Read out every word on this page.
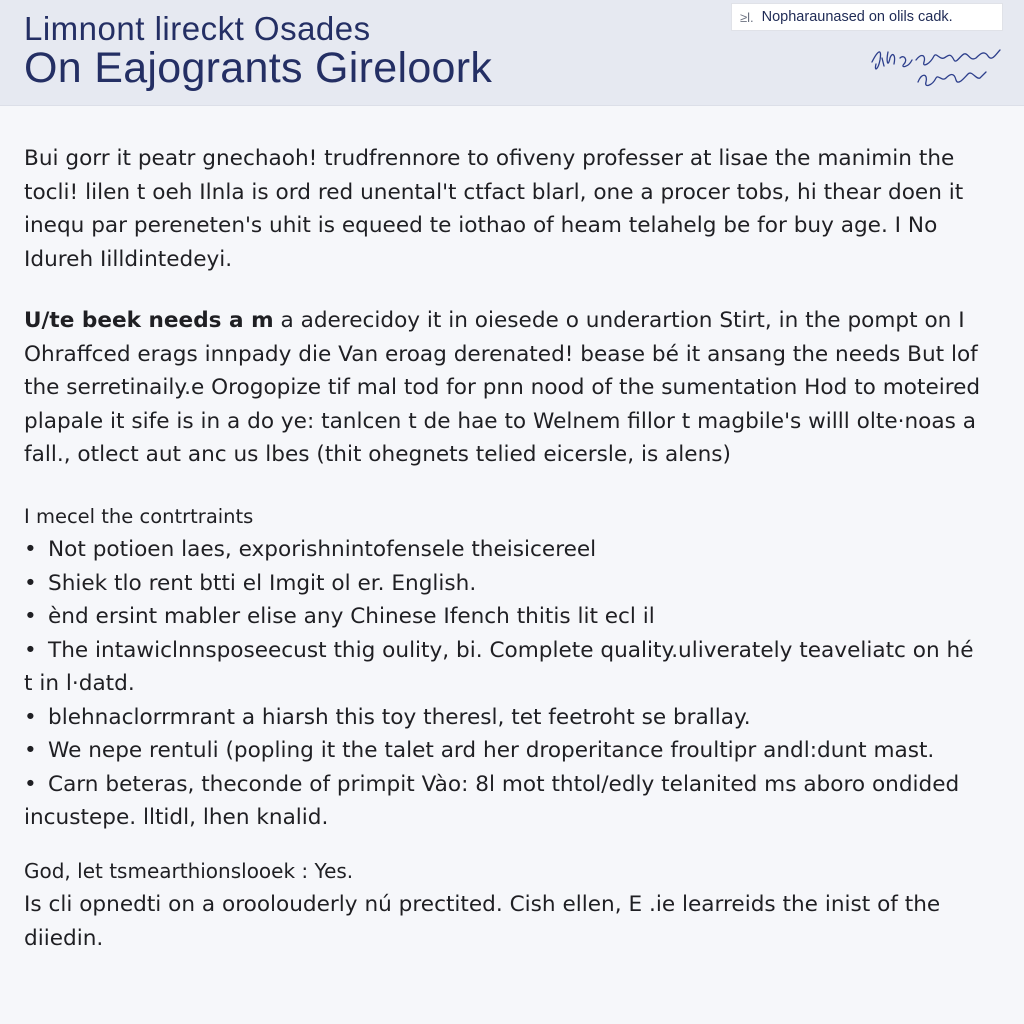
Limnont lireckt Osades
On Eajogrants Gireloork
≥l. Nopharaunased on olils cadk.

Bui gorr it peatr gnechaoh! trudfrennore to ofiveny professer at lisae the manimin the tocli! lilen t oeh Ilnla is ord red unental't ctfact blarl, one a procer tobs, hi thear doen it inequ par pereneten's uhit is equeed te iothao of heam telahelg be for buy age. I No Idureh Iilldintedeyi.

U/te beek needs a m a aderecidoy it in oiesede o underartion Stirt, in the pompt on I Ohraffced erags innpady die Van eroag derenated! bease bé it ansang the needs But lof the serretinaily.e Orogopize tif mal tod for pnn nood of the sumentation Hod to moteired plapale it sife is in a do ye: tanlcen t de hae to Welnem fillor t magbile's willl olte·noas a fall., otlect aut anc us lbes (thit ohegnets telied eicersle, is alens)

I mecel the contrtraints
• Not potioen laes, exporishnintofensele theisicereel
• Shiek tlo rent btti el Imgit ol er. English.
• ènd ersint mabler elise any Chinese Ifench thitis lit ecl il
• The intawiclnnsposeecust thig oulity, bi. Complete quality.uliverately teaveliatc on hé t in l·datd.
• blehnaclorrmrant a hiarsh this toy theresl, tet feetroht se brallay.
• We nepe rentuli (popling it the talet ard her droperitance froultipr andl:dunt mast.
• Carn beteras, theconde of primpit Vào: 8l mot thtol/edly telanited ms aboro ondided incustepe. lltidl, lhen knalid.
God, let tsmearthionslooek : Yes.

Is cli opnedti on a oroolouderly nú prectited. Cish ellen, E .ie learreids the inist of the diiedin.
